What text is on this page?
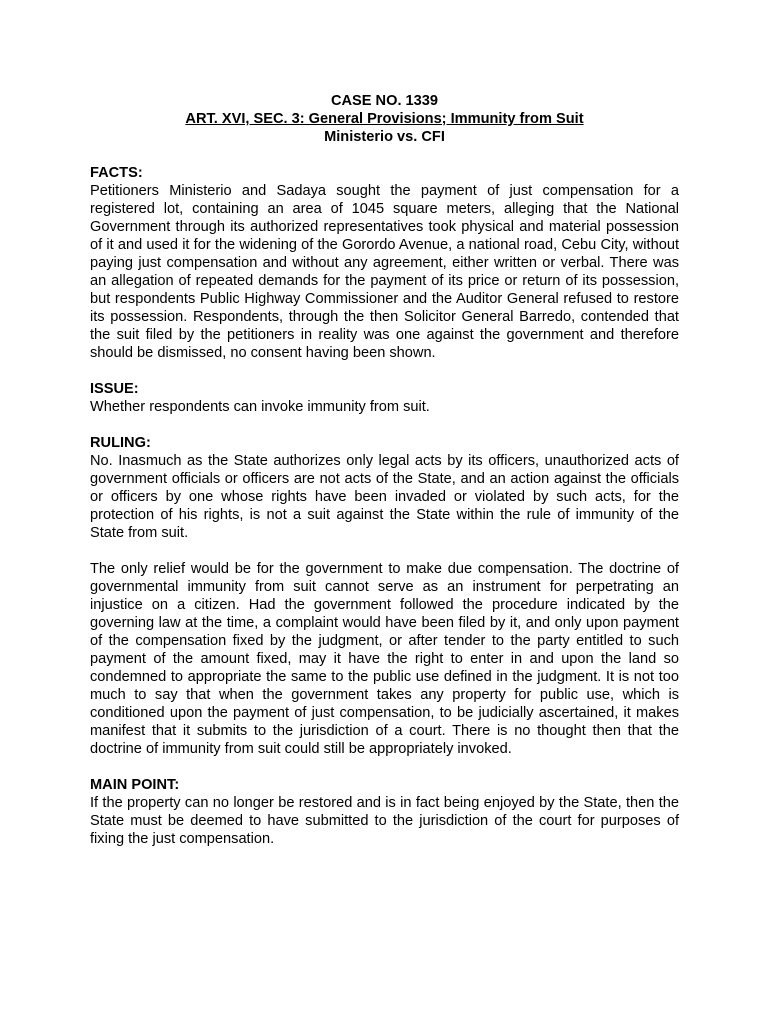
CASE NO. 1339
ART. XVI, SEC. 3: General Provisions; Immunity from Suit
Ministerio vs. CFI
FACTS:

Petitioners Ministerio and Sadaya sought the payment of just compensation for a registered lot, containing an area of 1045 square meters, alleging that the National Government through its authorized representatives took physical and material possession of it and used it for the widening of the Gorordo Avenue, a national road, Cebu City, without paying just compensation and without any agreement, either written or verbal. There was an allegation of repeated demands for the payment of its price or return of its possession, but respondents Public Highway Commissioner and the Auditor General refused to restore its possession. Respondents, through the then Solicitor General Barredo, contended that the suit filed by the petitioners in reality was one against the government and therefore should be dismissed, no consent having been shown.

ISSUE:

Whether respondents can invoke immunity from suit.

RULING:

No. Inasmuch as the State authorizes only legal acts by its officers, unauthorized acts of government officials or officers are not acts of the State, and an action against the officials or officers by one whose rights have been invaded or violated by such acts, for the protection of his rights, is not a suit against the State within the rule of immunity of the State from suit.

The only relief would be for the government to make due compensation. The doctrine of governmental immunity from suit cannot serve as an instrument for perpetrating an injustice on a citizen. Had the government followed the procedure indicated by the governing law at the time, a complaint would have been filed by it, and only upon payment of the compensation fixed by the judgment, or after tender to the party entitled to such payment of the amount fixed, may it have the right to enter in and upon the land so condemned to appropriate the same to the public use defined in the judgment. It is not too much to say that when the government takes any property for public use, which is conditioned upon the payment of just compensation, to be judicially ascertained, it makes manifest that it submits to the jurisdiction of a court. There is no thought then that the doctrine of immunity from suit could still be appropriately invoked.

MAIN POINT:

If the property can no longer be restored and is in fact being enjoyed by the State, then the State must be deemed to have submitted to the jurisdiction of the court for purposes of fixing the just compensation.
